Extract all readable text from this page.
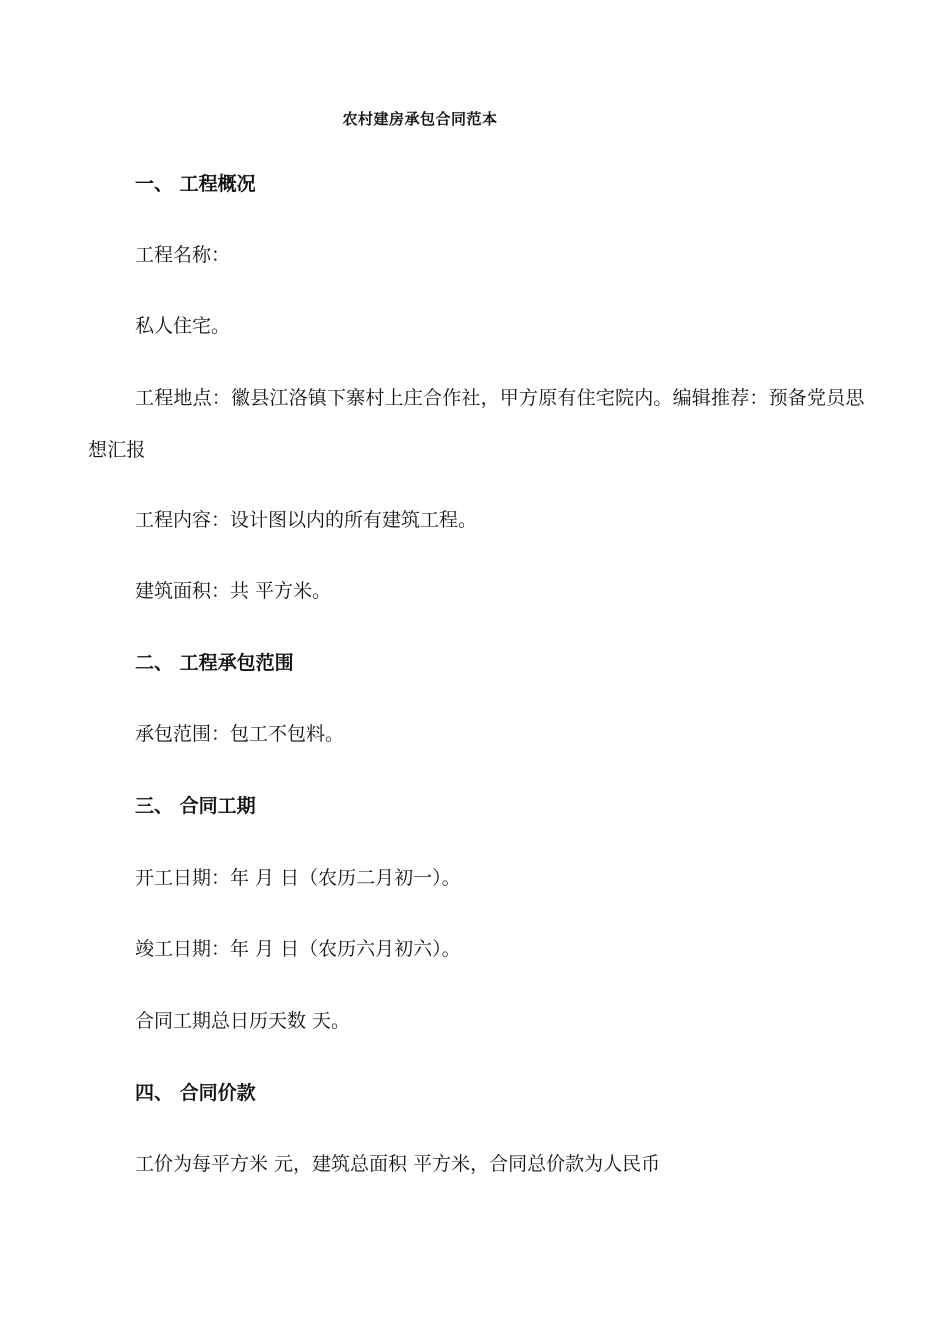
农村建房承包合同范本
一、 工程概况
工程名称：
私人住宅。
工程地点：徽县江洛镇下寨村上庄合作社，甲方原有住宅院内。编辑推荐：预备党员思想汇报
工程内容：设计图以内的所有建筑工程。
建筑面积：共 平方米。
二、 工程承包范围
承包范围：包工不包料。
三、 合同工期
开工日期：年 月 日（农历二月初一）。
竣工日期：年 月 日（农历六月初六）。
合同工期总日历天数 天。
四、 合同价款
工价为每平方米 元，建筑总面积 平方米，合同总价款为人民币
